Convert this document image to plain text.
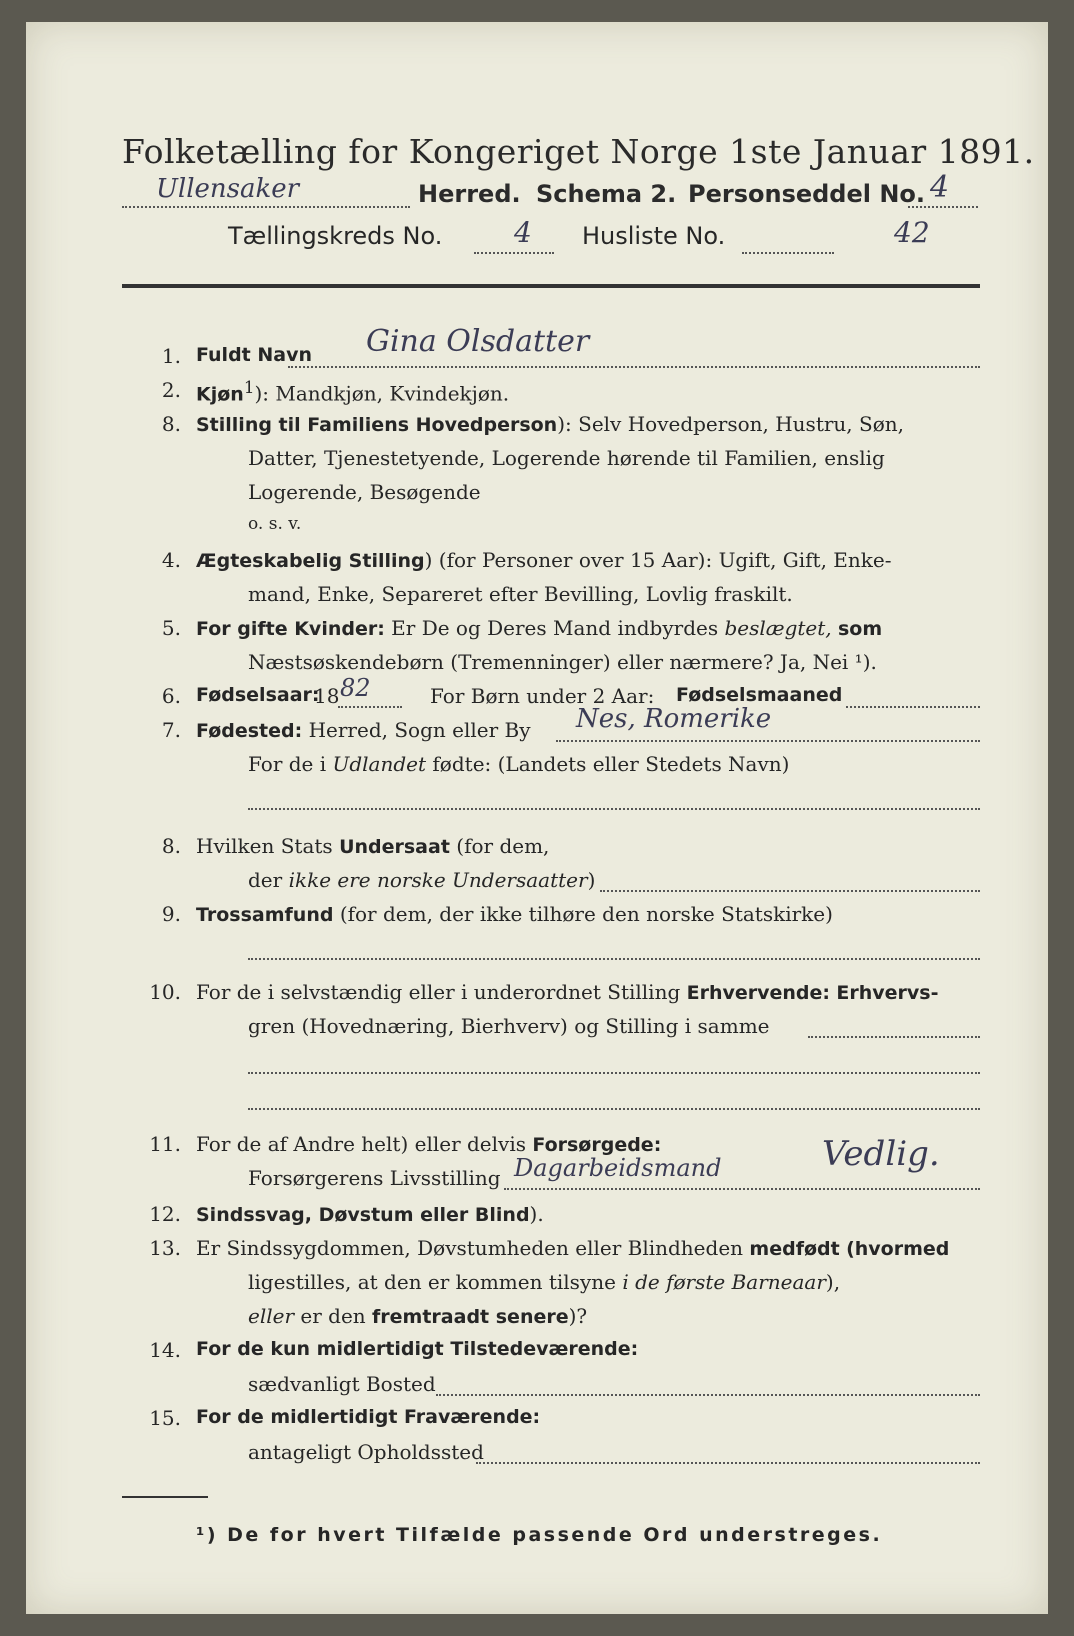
Folketælling for Kongeriget Norge 1ste Januar 1891.
Ullensaker	Herred. Schema 2. Personseddel No. 4
Tællingskreds No.	4 Husliste No.	42
1. Fuldt Navn Gina Olsdatter
2. Kjøn$^1$): Mandkjøn, Kvindekjøn.
8. Stilling til Familiens Hovedperson): Selv Hovedperson, Hustru, Søn,
Datter, Tjenestetyende, Logerende hørende til Familien, enslig
Logerende, Besøgende
o. s. v.
4. Ægteskabelig Stilling) (for Personer over 15 Aar): Ugift, Gift, Enke-
mand, Enke, Separeret efter Bevilling, Lovlig fraskilt.
5. For gifte Kvinder: Er De og Deres Mand indbyrdes beslægtet, som
Næstsøskendebørn (Tremenninger) eller nærmere? Ja, Nei ¹).
6. Fødselsaar:
18 82	For Børn under 2 Aar: Fødselsmaaned
7. Fødested: Herred, Sogn eller By Nes, Romerike
For de i Udlandet fødte: (Landets eller Stedets Navn)
8. Hvilken Stats Undersaat (for dem,
der ikke ere norske Undersaatter)
9. Trossamfund (for dem, der ikke tilhøre den norske Statskirke)
10. For de i selvstændig eller i underordnet Stilling Erhvervende: Erhvervs-
gren (Hovednæring, Bierhverv) og Stilling i samme
11. For de af Andre helt) eller delvis Forsørgede:
Forsørgerens Livsstilling Dagarbeidsmand	Vedlig.
12. Sindssvag, Døvstum eller Blind).
13. Er Sindssygdommen, Døvstumheden eller Blindheden medfødt (hvormed
ligestilles, at den er kommen tilsyne i de første Barneaar),
eller er den fremtraadt senere)?
14. For de kun midlertidigt Tilstedeværende:
sædvanligt Bosted
15. For de midlertidigt Fraværende:
antageligt Opholdssted
¹) De for hvert Tilfælde passende Ord understreges.
